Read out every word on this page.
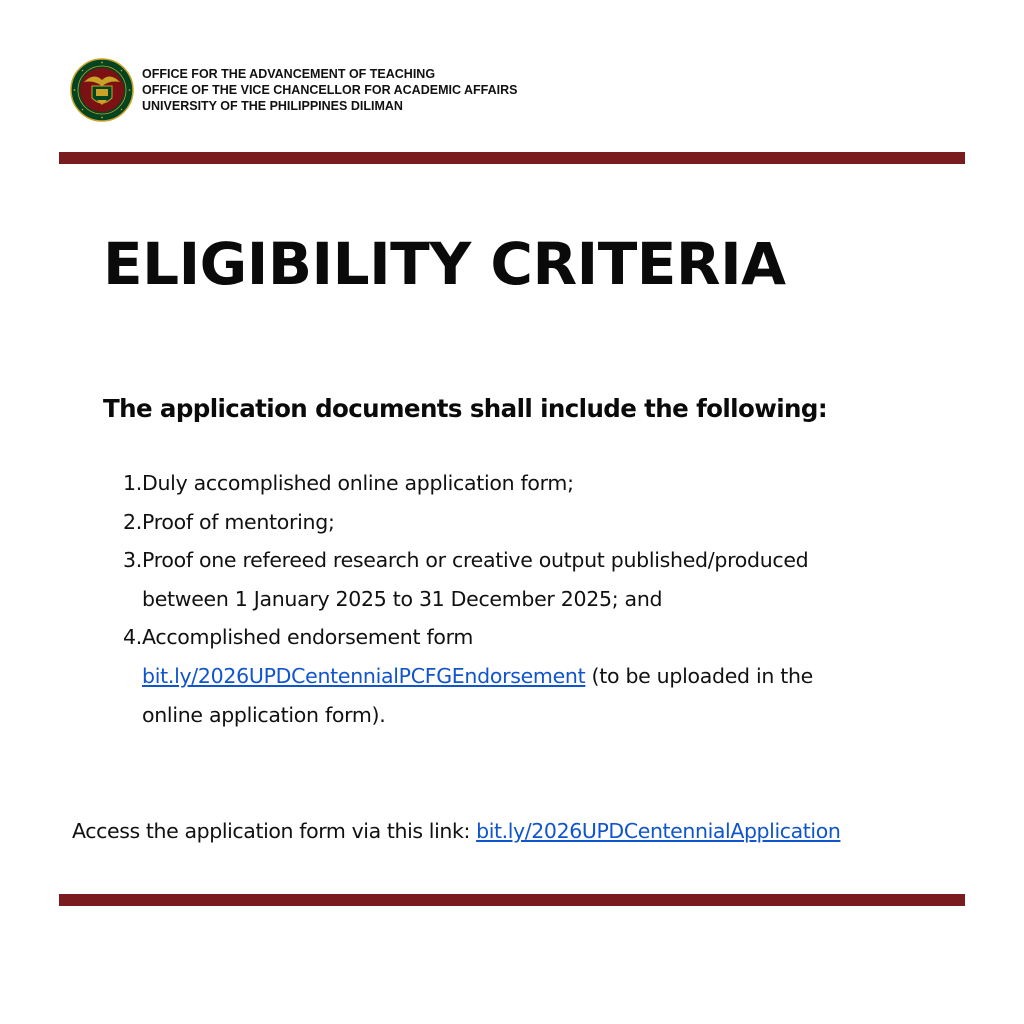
OFFICE FOR THE ADVANCEMENT OF TEACHING
OFFICE OF THE VICE CHANCELLOR FOR ACADEMIC AFFAIRS
UNIVERSITY OF THE PHILIPPINES DILIMAN
ELIGIBILITY CRITERIA
The application documents shall include the following:
1. Duly accomplished online application form;
2. Proof of mentoring;
3. Proof one refereed research or creative output published/produced between 1 January 2025 to 31 December 2025; and
4. Accomplished endorsement form
bit.ly/2026UPDCentennialPCFGEndorsement (to be uploaded in the online application form).
Access the application form via this link: bit.ly/2026UPDCentennialApplication
